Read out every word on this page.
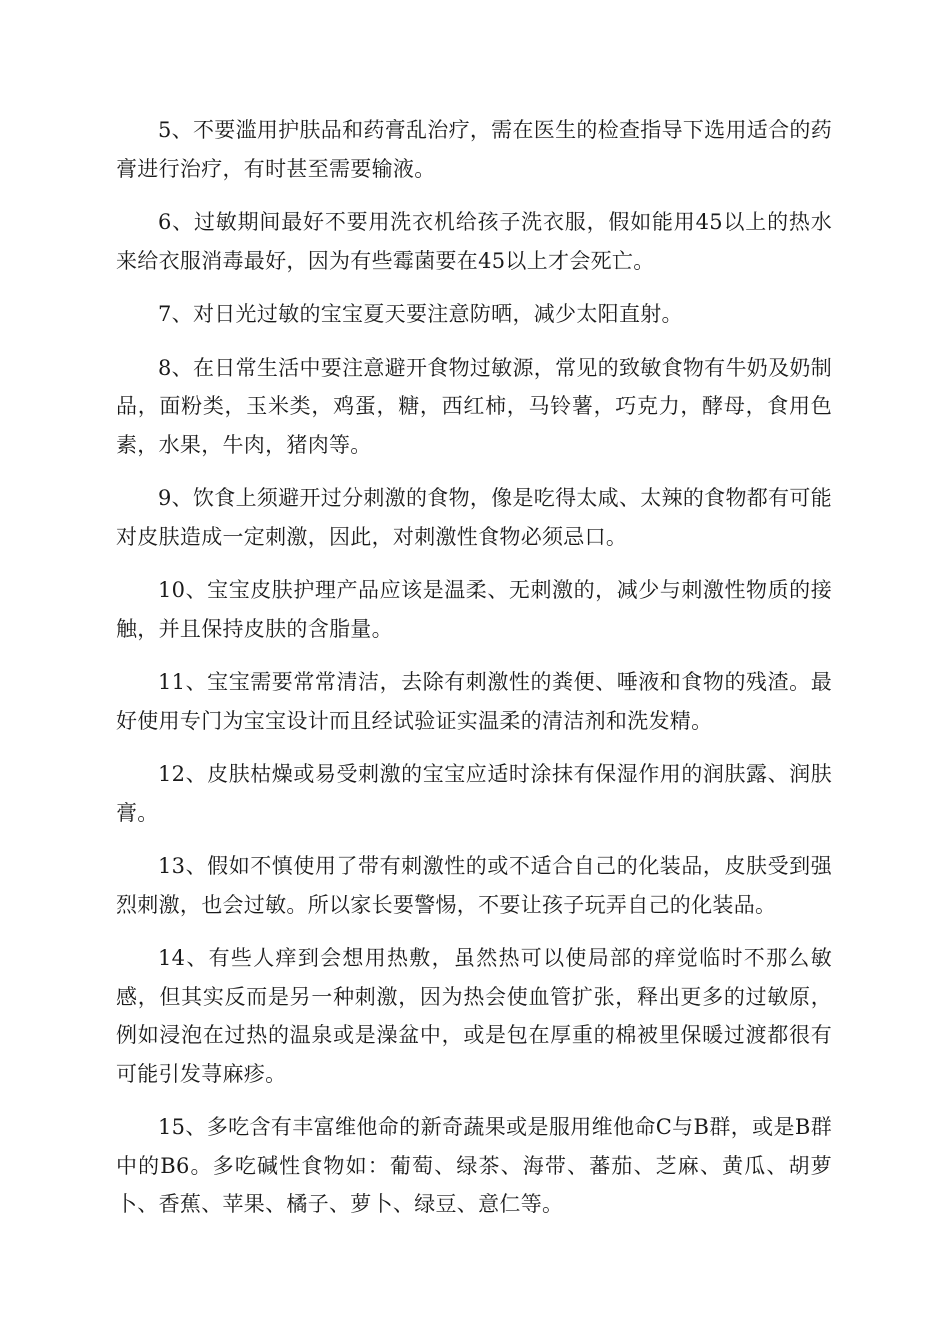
5、不要滥用护肤品和药膏乱治疗，需在医生的检查指导下选用适合的药膏进行治疗，有时甚至需要输液。

6、过敏期间最好不要用洗衣机给孩子洗衣服，假如能用45以上的热水来给衣服消毒最好，因为有些霉菌要在45以上才会死亡。

7、对日光过敏的宝宝夏天要注意防晒，减少太阳直射。

8、在日常生活中要注意避开食物过敏源，常见的致敏食物有牛奶及奶制品，面粉类，玉米类，鸡蛋，糖，西红柿，马铃薯，巧克力，酵母，食用色素，水果，牛肉，猪肉等。

9、饮食上须避开过分刺激的食物，像是吃得太咸、太辣的食物都有可能对皮肤造成一定刺激，因此，对刺激性食物必须忌口。

10、宝宝皮肤护理产品应该是温柔、无刺激的，减少与刺激性物质的接触，并且保持皮肤的含脂量。

11、宝宝需要常常清洁，去除有刺激性的粪便、唾液和食物的残渣。最好使用专门为宝宝设计而且经试验证实温柔的清洁剂和洗发精。

12、皮肤枯燥或易受刺激的宝宝应适时涂抹有保湿作用的润肤露、润肤膏。

13、假如不慎使用了带有刺激性的或不适合自己的化装品，皮肤受到强烈刺激，也会过敏。所以家长要警惕，不要让孩子玩弄自己的化装品。

14、有些人痒到会想用热敷，虽然热可以使局部的痒觉临时不那么敏感，但其实反而是另一种刺激，因为热会使血管扩张，释出更多的过敏原，例如浸泡在过热的温泉或是澡盆中，或是包在厚重的棉被里保暖过渡都很有可能引发荨麻疹。

15、多吃含有丰富维他命的新奇蔬果或是服用维他命C与B群，或是B群中的B6。多吃碱性食物如：葡萄、绿茶、海带、蕃茄、芝麻、黄瓜、胡萝卜、香蕉、苹果、橘子、萝卜、绿豆、意仁等。
